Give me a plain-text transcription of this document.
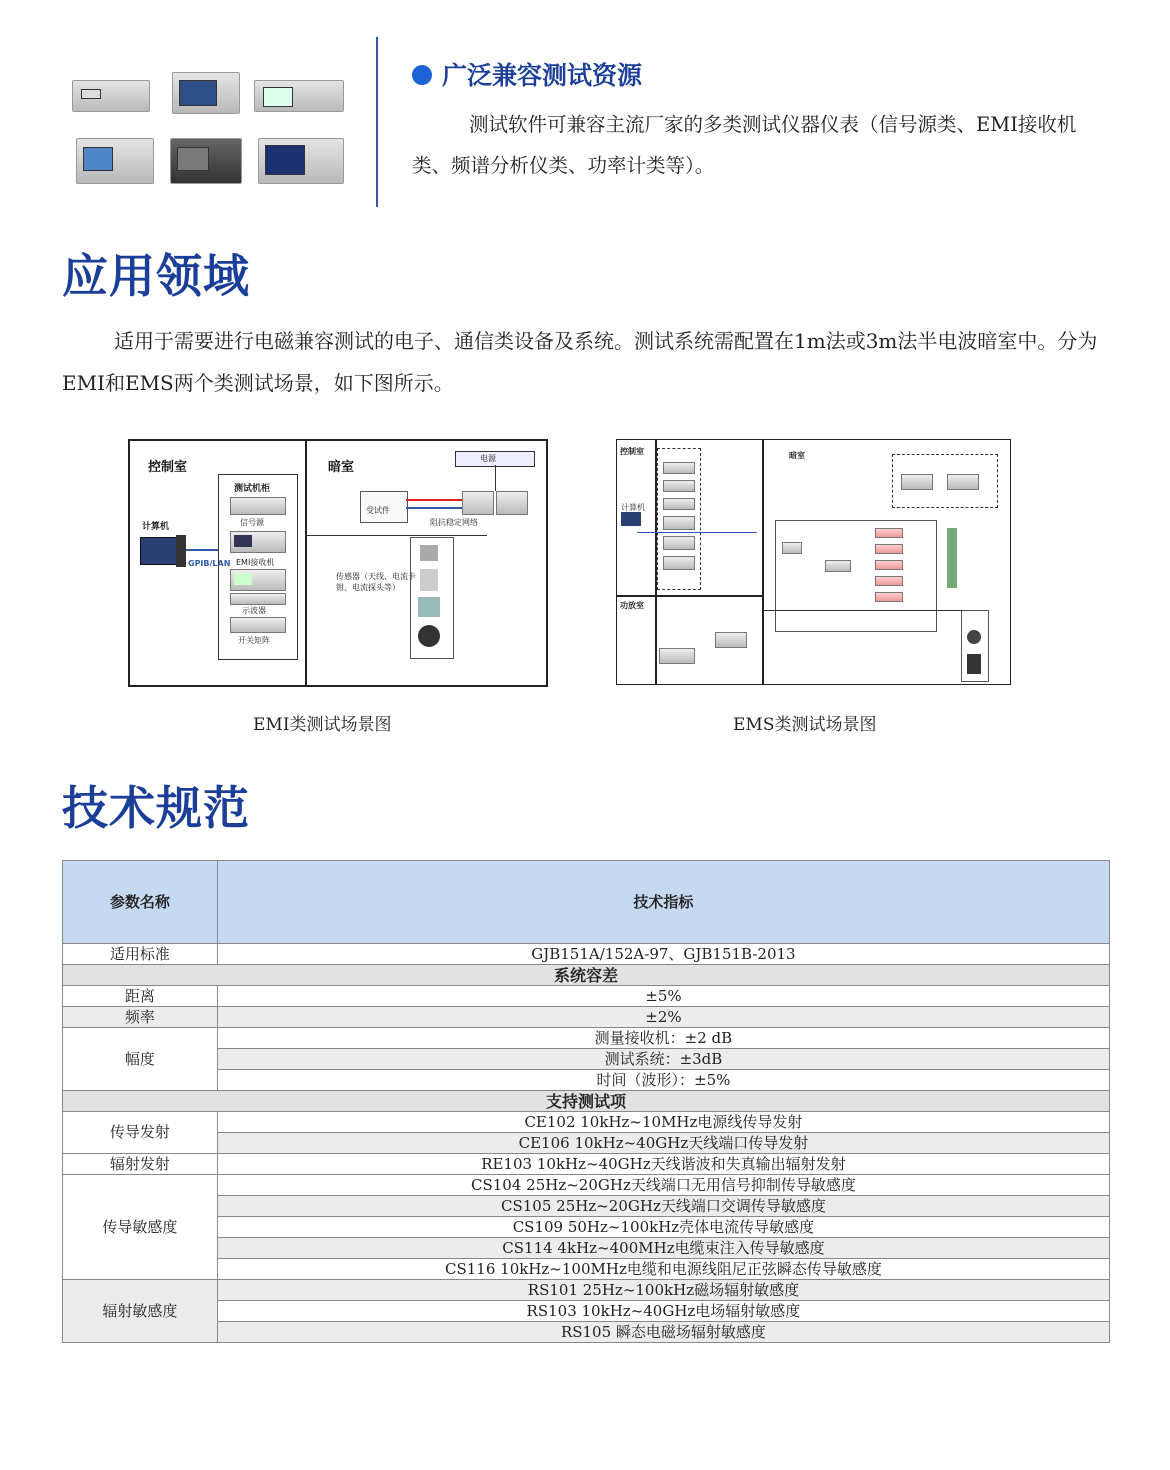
广泛兼容测试资源
测试软件可兼容主流厂家的多类测试仪器仪表（信号源类、EMI接收机类、频谱分析仪类、功率计类等）。
应用领域
适用于需要进行电磁兼容测试的电子、通信类设备及系统。测试系统需配置在1m法或3m法半电波暗室中。分为EMI和EMS两个类测试场景，如下图所示。
控制室	暗室
计算机
GPIB/LAN
测试机柜
信号源
EMI接收机
示波器
开关矩阵
电源
受试件
阻抗稳定网络
传感器（天线、电流卡钳、电流探头等）
EMI类测试场景图
控制室	暗室
功放室
计算机
EMS类测试场景图
技术规范
参数名称	技术指标
适用标准	GJB151A/152A-97、GJB151B-2013
系统容差	
距离	±5%
频率	±2%
幅度	测量接收机：±2 dB
	测试系统：±3dB
	时间（波形）：±5%
支持测试项	
传导发射	CE102 10kHz~10MHz电源线传导发射
	CE106 10kHz~40GHz天线端口传导发射
辐射发射	RE103 10kHz~40GHz天线谐波和失真输出辐射发射
传导敏感度	CS104 25Hz~20GHz天线端口无用信号抑制传导敏感度
	CS105 25Hz~20GHz天线端口交调传导敏感度
	CS109 50Hz~100kHz壳体电流传导敏感度
	CS114 4kHz~400MHz电缆束注入传导敏感度
	CS116 10kHz~100MHz电缆和电源线阻尼正弦瞬态传导敏感度
辐射敏感度	RS101 25Hz~100kHz磁场辐射敏感度
	RS103 10kHz~40GHz电场辐射敏感度
	RS105 瞬态电磁场辐射敏感度
